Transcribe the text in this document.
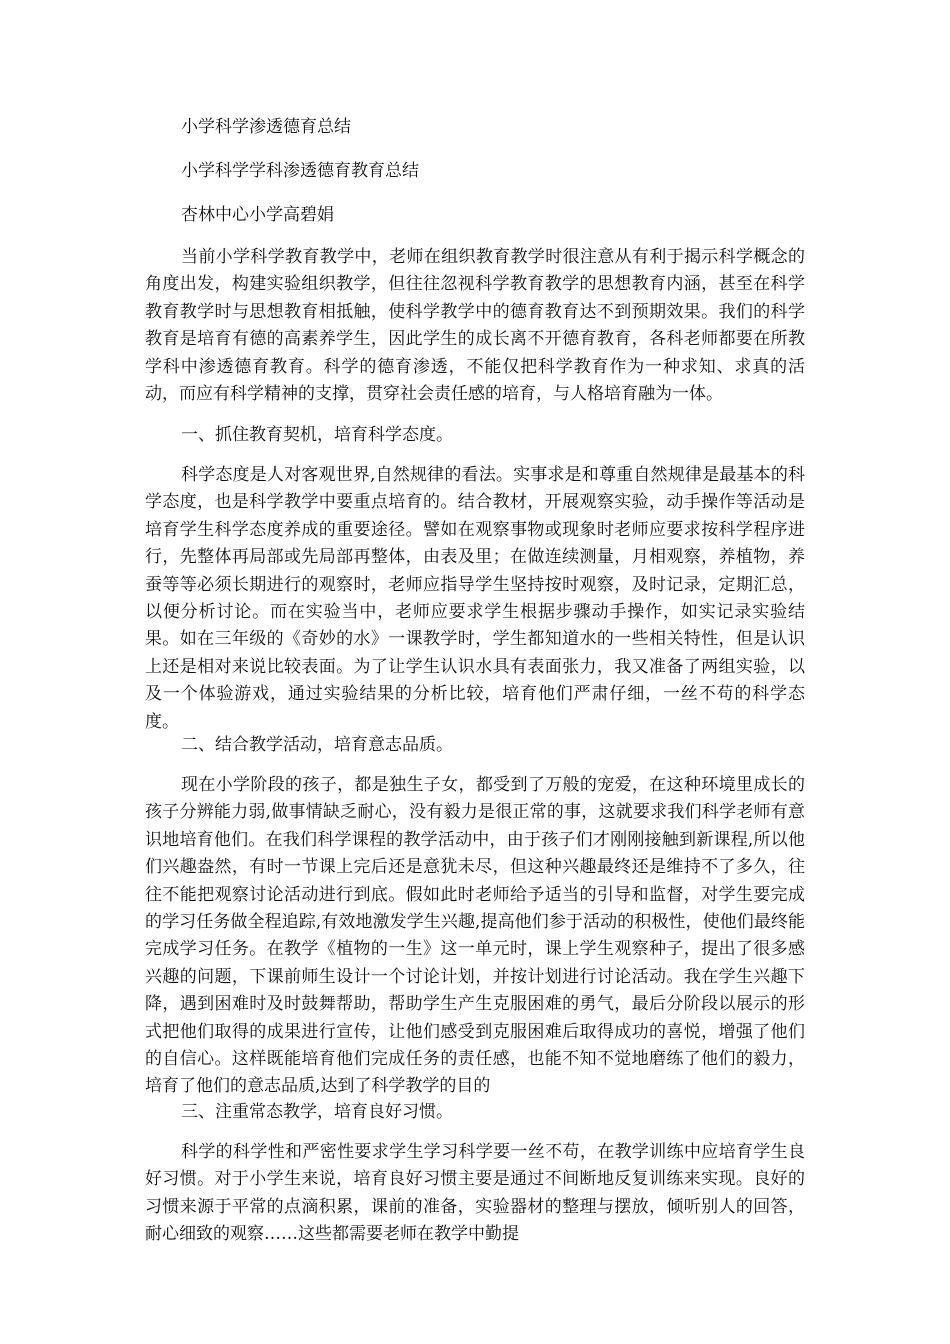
小学科学渗透德育总结

小学科学学科渗透德育教育总结

杏林中心小学高碧娟

当前小学科学教育教学中，老师在组织教育教学时很注意从有利于揭示科学概念的角度出发，构建实验组织教学，但往往忽视科学教育教学的思想教育内涵，甚至在科学教育教学时与思想教育相抵触，使科学教学中的德育教育达不到预期效果。我们的科学教育是培育有德的高素养学生，因此学生的成长离不开德育教育，各科老师都要在所教学科中渗透德育教育。科学的德育渗透，不能仅把科学教育作为一种求知、求真的活动，而应有科学精神的支撑，贯穿社会责任感的培育，与人格培育融为一体。

一、抓住教育契机，培育科学态度。

科学态度是人对客观世界,自然规律的看法。实事求是和尊重自然规律是最基本的科学态度，也是科学教学中要重点培育的。结合教材，开展观察实验，动手操作等活动是培育学生科学态度养成的重要途径。譬如在观察事物或现象时老师应要求按科学程序进行，先整体再局部或先局部再整体，由表及里；在做连续测量，月相观察，养植物，养蚕等等必须长期进行的观察时，老师应指导学生坚持按时观察，及时记录，定期汇总，以便分析讨论。而在实验当中，老师应要求学生根据步骤动手操作，如实记录实验结果。如在三年级的《奇妙的水》一课教学时，学生都知道水的一些相关特性，但是认识上还是相对来说比较表面。为了让学生认识水具有表面张力，我又准备了两组实验，以及一个体验游戏，通过实验结果的分析比较，培育他们严肃仔细，一丝不苟的科学态度。

二、结合教学活动，培育意志品质。

现在小学阶段的孩子，都是独生子女，都受到了万般的宠爱，在这种环境里成长的孩子分辨能力弱,做事情缺乏耐心，没有毅力是很正常的事，这就要求我们科学老师有意识地培育他们。在我们科学课程的教学活动中，由于孩子们才刚刚接触到新课程,所以他们兴趣盎然，有时一节课上完后还是意犹未尽，但这种兴趣最终还是维持不了多久，往往不能把观察讨论活动进行到底。假如此时老师给予适当的引导和监督，对学生要完成的学习任务做全程追踪,有效地激发学生兴趣,提高他们参于活动的积极性，使他们最终能完成学习任务。在教学《植物的一生》这一单元时，课上学生观察种子，提出了很多感兴趣的问题，下课前师生设计一个讨论计划，并按计划进行讨论活动。我在学生兴趣下降，遇到困难时及时鼓舞帮助，帮助学生产生克服困难的勇气，最后分阶段以展示的形式把他们取得的成果进行宣传，让他们感受到克服困难后取得成功的喜悦，增强了他们的自信心。这样既能培育他们完成任务的责任感，也能不知不觉地磨练了他们的毅力，培育了他们的意志品质,达到了科学教学的目的

三、注重常态教学，培育良好习惯。

科学的科学性和严密性要求学生学习科学要一丝不苟，在教学训练中应培育学生良好习惯。对于小学生来说，培育良好习惯主要是通过不间断地反复训练来实现。良好的习惯来源于平常的点滴积累，课前的准备，实验器材的整理与摆放，倾听别人的回答，耐心细致的观察……这些都需要老师在教学中勤提
